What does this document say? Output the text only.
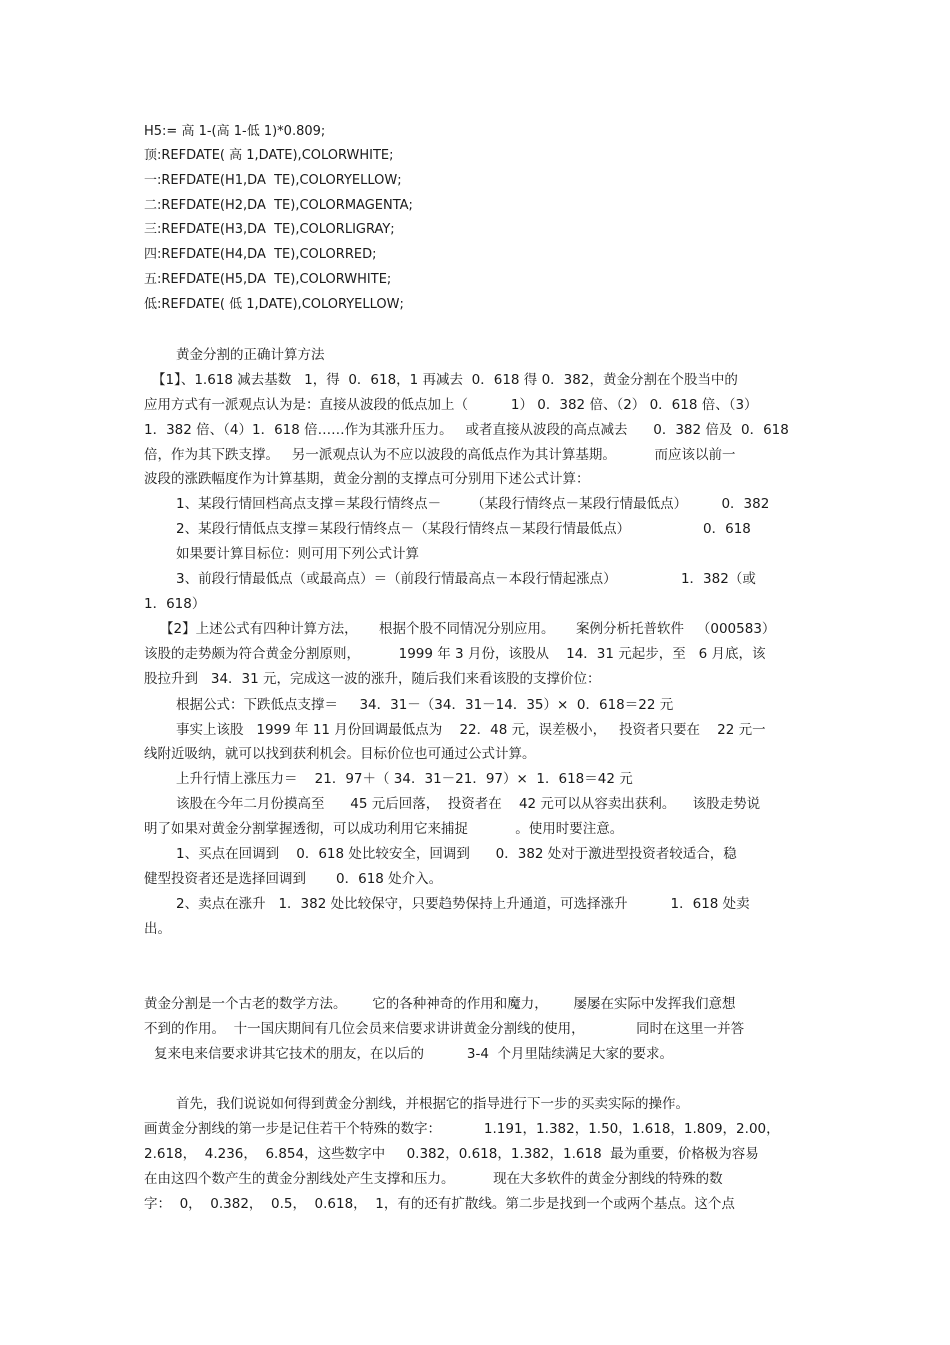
H5:= 高 1-(高 1-低 1)*0.809;
顶:REFDATE( 高 1,DATE),COLORWHITE;
一:REFDATE(H1,DA  TE),COLORYELLOW;
二:REFDATE(H2,DA  TE),COLORMAGENTA;
三:REFDATE(H3,DA  TE),COLORLIGRAY;
四:REFDATE(H4,DA  TE),COLORRED;
五:REFDATE(H5,DA  TE),COLORWHITE;
低:REFDATE( 低 1,DATE),COLORYELLOW;
黄金分割的正确计算方法
【1】、1.618 减去基数   1，得  0．618，1 再减去  0．618 得 0．382，黄金分割在个股当中的
应用方式有一派观点认为是：直接从波段的低点加上（          1） 0．382 倍、（2） 0．618 倍、（3）
1．382 倍、（4）1．618 倍……作为其涨升压力。   或者直接从波段的高点减去      0．382 倍及  0．618
倍，作为其下跌支撑。   另一派观点认为不应以波段的高低点作为其计算基期。         而应该以前一
波段的涨跌幅度作为计算基期，黄金分割的支撑点可分别用下述公式计算：
1、某段行情回档高点支撑＝某段行情终点－       （某段行情终点－某段行情最低点）        0．382
2、某段行情低点支撑＝某段行情终点－（某段行情终点－某段行情最低点）                 0．618
如果要计算目标位：则可用下列公式计算
3、前段行情最低点（或最高点）＝（前段行情最高点－本段行情起涨点）               1．382（或
1．618）
【2】上述公式有四种计算方法，     根据个股不同情况分别应用。     案例分析托普软件   （000583）
该股的走势颇为符合黄金分割原则，         1999 年 3 月份，该股从    14．31 元起步，至   6 月底，该
股拉升到   34．31 元，完成这一波的涨升，随后我们来看该股的支撑价位：
根据公式：下跌低点支撑＝     34．31－（34．31－14．35）×  0．618＝22 元
事实上该股   1999 年 11 月份回调最低点为    22．48 元，误差极小，   投资者只要在    22 元一
线附近吸纳，就可以找到获利机会。目标价位也可通过公式计算。
上升行情上涨压力＝    21．97＋（ 34．31－21．97）×  1．618＝42 元
该股在今年二月份摸高至      45 元后回落，  投资者在    42 元可以从容卖出获利。    该股走势说
明了如果对黄金分割掌握透彻，可以成功利用它来捕捉           。使用时要注意。
1、买点在回调到    0．618 处比较安全，回调到      0．382 处对于激进型投资者较适合，稳
健型投资者还是选择回调到       0．618 处介入。
2、卖点在涨升   1．382 处比较保守，只要趋势保持上升通道，可选择涨升          1．618 处卖
出。
黄金分割是一个古老的数学方法。      它的各种神奇的作用和魔力，      屡屡在实际中发挥我们意想
不到的作用。  十一国庆期间有几位会员来信要求讲讲黄金分割线的使用，            同时在这里一并答
复来电来信要求讲其它技术的朋友，在以后的          3-4  个月里陆续满足大家的要求。
首先，我们说说如何得到黄金分割线，并根据它的指导进行下一步的买卖实际的操作。
画黄金分割线的第一步是记住若干个特殊的数字：          1.191，1.382，1.50，1.618，1.809，2.00，
2.618，  4.236，  6.854，这些数字中     0.382，0.618，1.382，1.618  最为重要，价格极为容易
在由这四个数产生的黄金分割线处产生支撑和压力。         现在大多软件的黄金分割线的特殊的数
字：  0，  0.382，  0.5，  0.618，  1，有的还有扩散线。第二步是找到一个或两个基点。这个点
